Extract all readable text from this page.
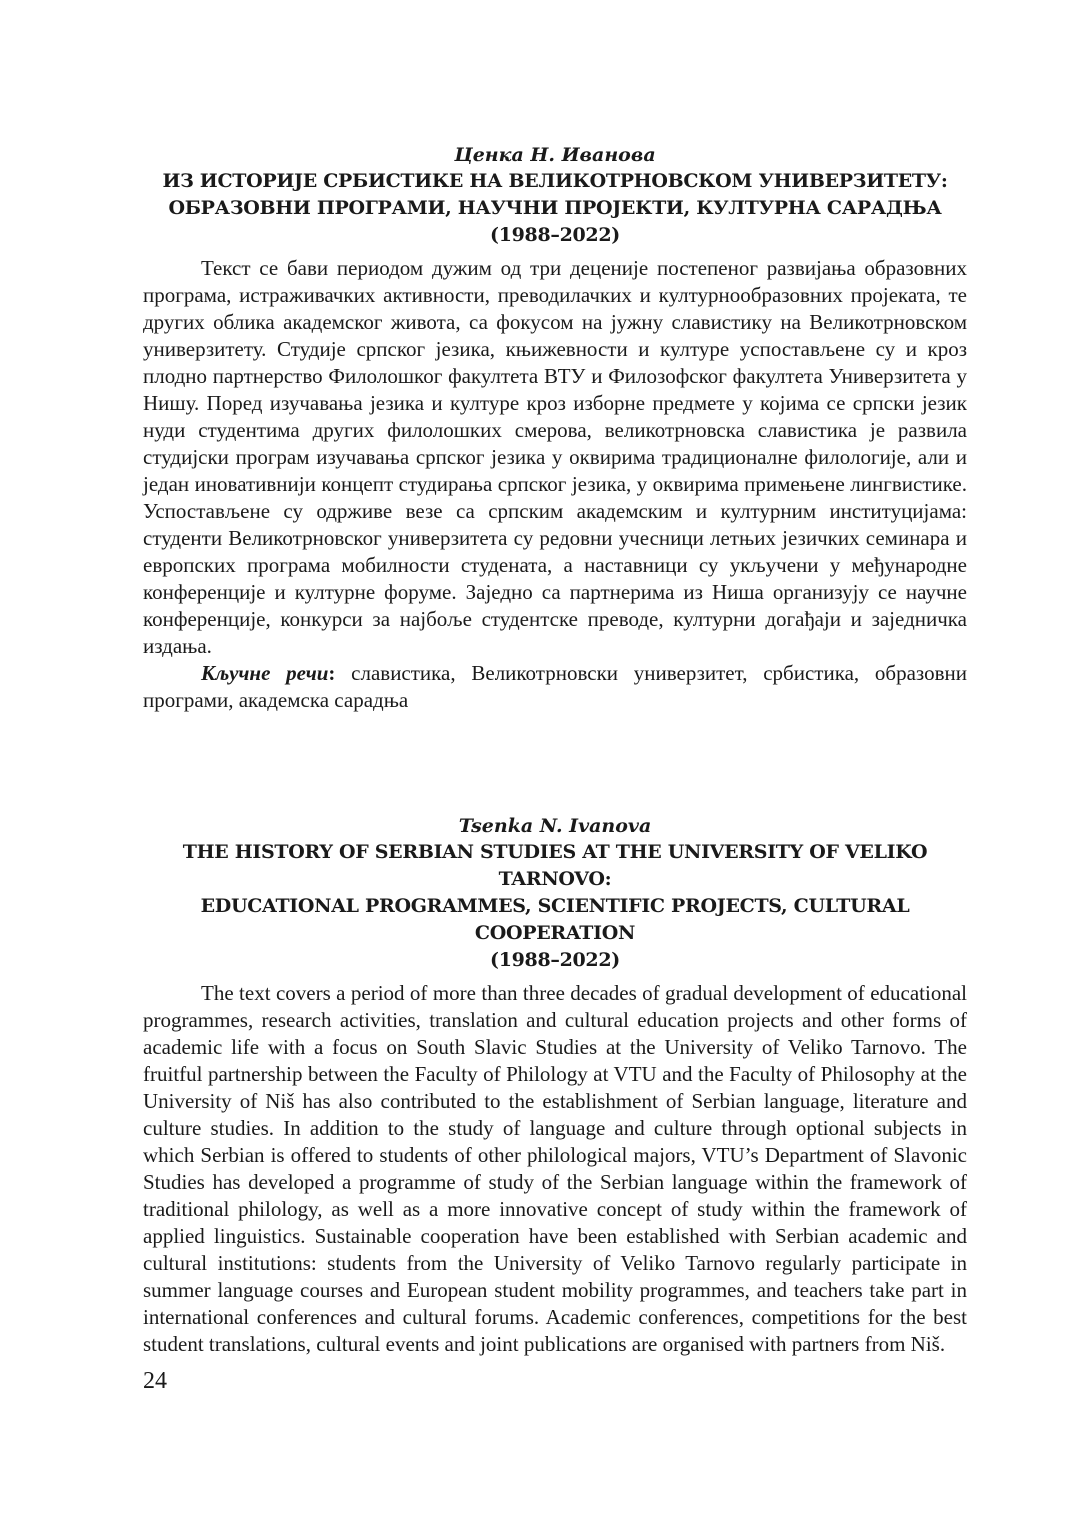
Ценка Н. Иванова

ИЗ ИСТОРИЈЕ СРБИСТИКЕ НА ВЕЛИКОТРНОВСКОМ УНИВЕРЗИТЕТУ:

ОБРАЗОВНИ ПРОГРАМИ, НАУЧНИ ПРОЈЕКТИ, КУЛТУРНА САРАДЊА

(1988–2022)

Текст се бави периодом дужим од три деценије постепеног развијања образовних програма, истраживачких активности, преводилачких и културнообразовних пројеката, те других облика академског живота, са фокусом на јужну славистику на Великотрновском универзитету. Студије српског језика, књижевности и културе успостављене су и кроз плодно партнерство Филолошког факултета ВТУ и Филозофског факултета Универзитета у Нишу. Поред изучавања језика и културе кроз изборне предмете у којима се српски језик нуди студентима других филолошких смерова, великотрновска славистика је развила студијски програм изучавања српског језика у оквирима традиционалне филологије, али и један иновативнији концепт студирања српског језика, у оквирима примењене лингвистике. Успостављене су одрживе везе са српским академским и културним институцијама: студенти Великотрновског универзитета су редовни учесници летњих језичких семинара и европских програма мобилности студената, а наставници су укључени у међународне конференције и културне форуме. Заједно са партнерима из Ниша организују се научне конференције, конкурси за најбоље студентске преводе, културни догађаји и заједничка издања.

Кључне речи: славистика, Великотрновски универзитет, србистика, образовни програми, академска сарадња

Tsenka N. Ivanova

THE HISTORY OF SERBIAN STUDIES AT THE UNIVERSITY OF VELIKO TARNOVO:

EDUCATIONAL PROGRAMMES, SCIENTIFIC PROJECTS, CULTURAL COOPERATION

(1988–2022)

The text covers a period of more than three decades of gradual development of educational programmes, research activities, translation and cultural education projects and other forms of academic life with a focus on South Slavic Studies at the University of Veliko Tarnovo. The fruitful partnership between the Faculty of Philology at VTU and the Faculty of Philosophy at the University of Niš has also contributed to the establishment of Serbian language, literature and culture studies. In addition to the study of language and culture through optional subjects in which Serbian is offered to students of other philological majors, VTU’s Department of Slavonic Studies has developed a programme of study of the Serbian language within the framework of traditional philology, as well as a more innovative concept of study within the framework of applied linguistics. Sustainable cooperation have been established with Serbian academic and cultural institutions: students from the University of Veliko Tarnovo regularly participate in summer language courses and European student mobility programmes, and teachers take part in international conferences and cultural forums. Academic conferences, competitions for the best student translations, cultural events and joint publications are organised with partners from Niš.

24
